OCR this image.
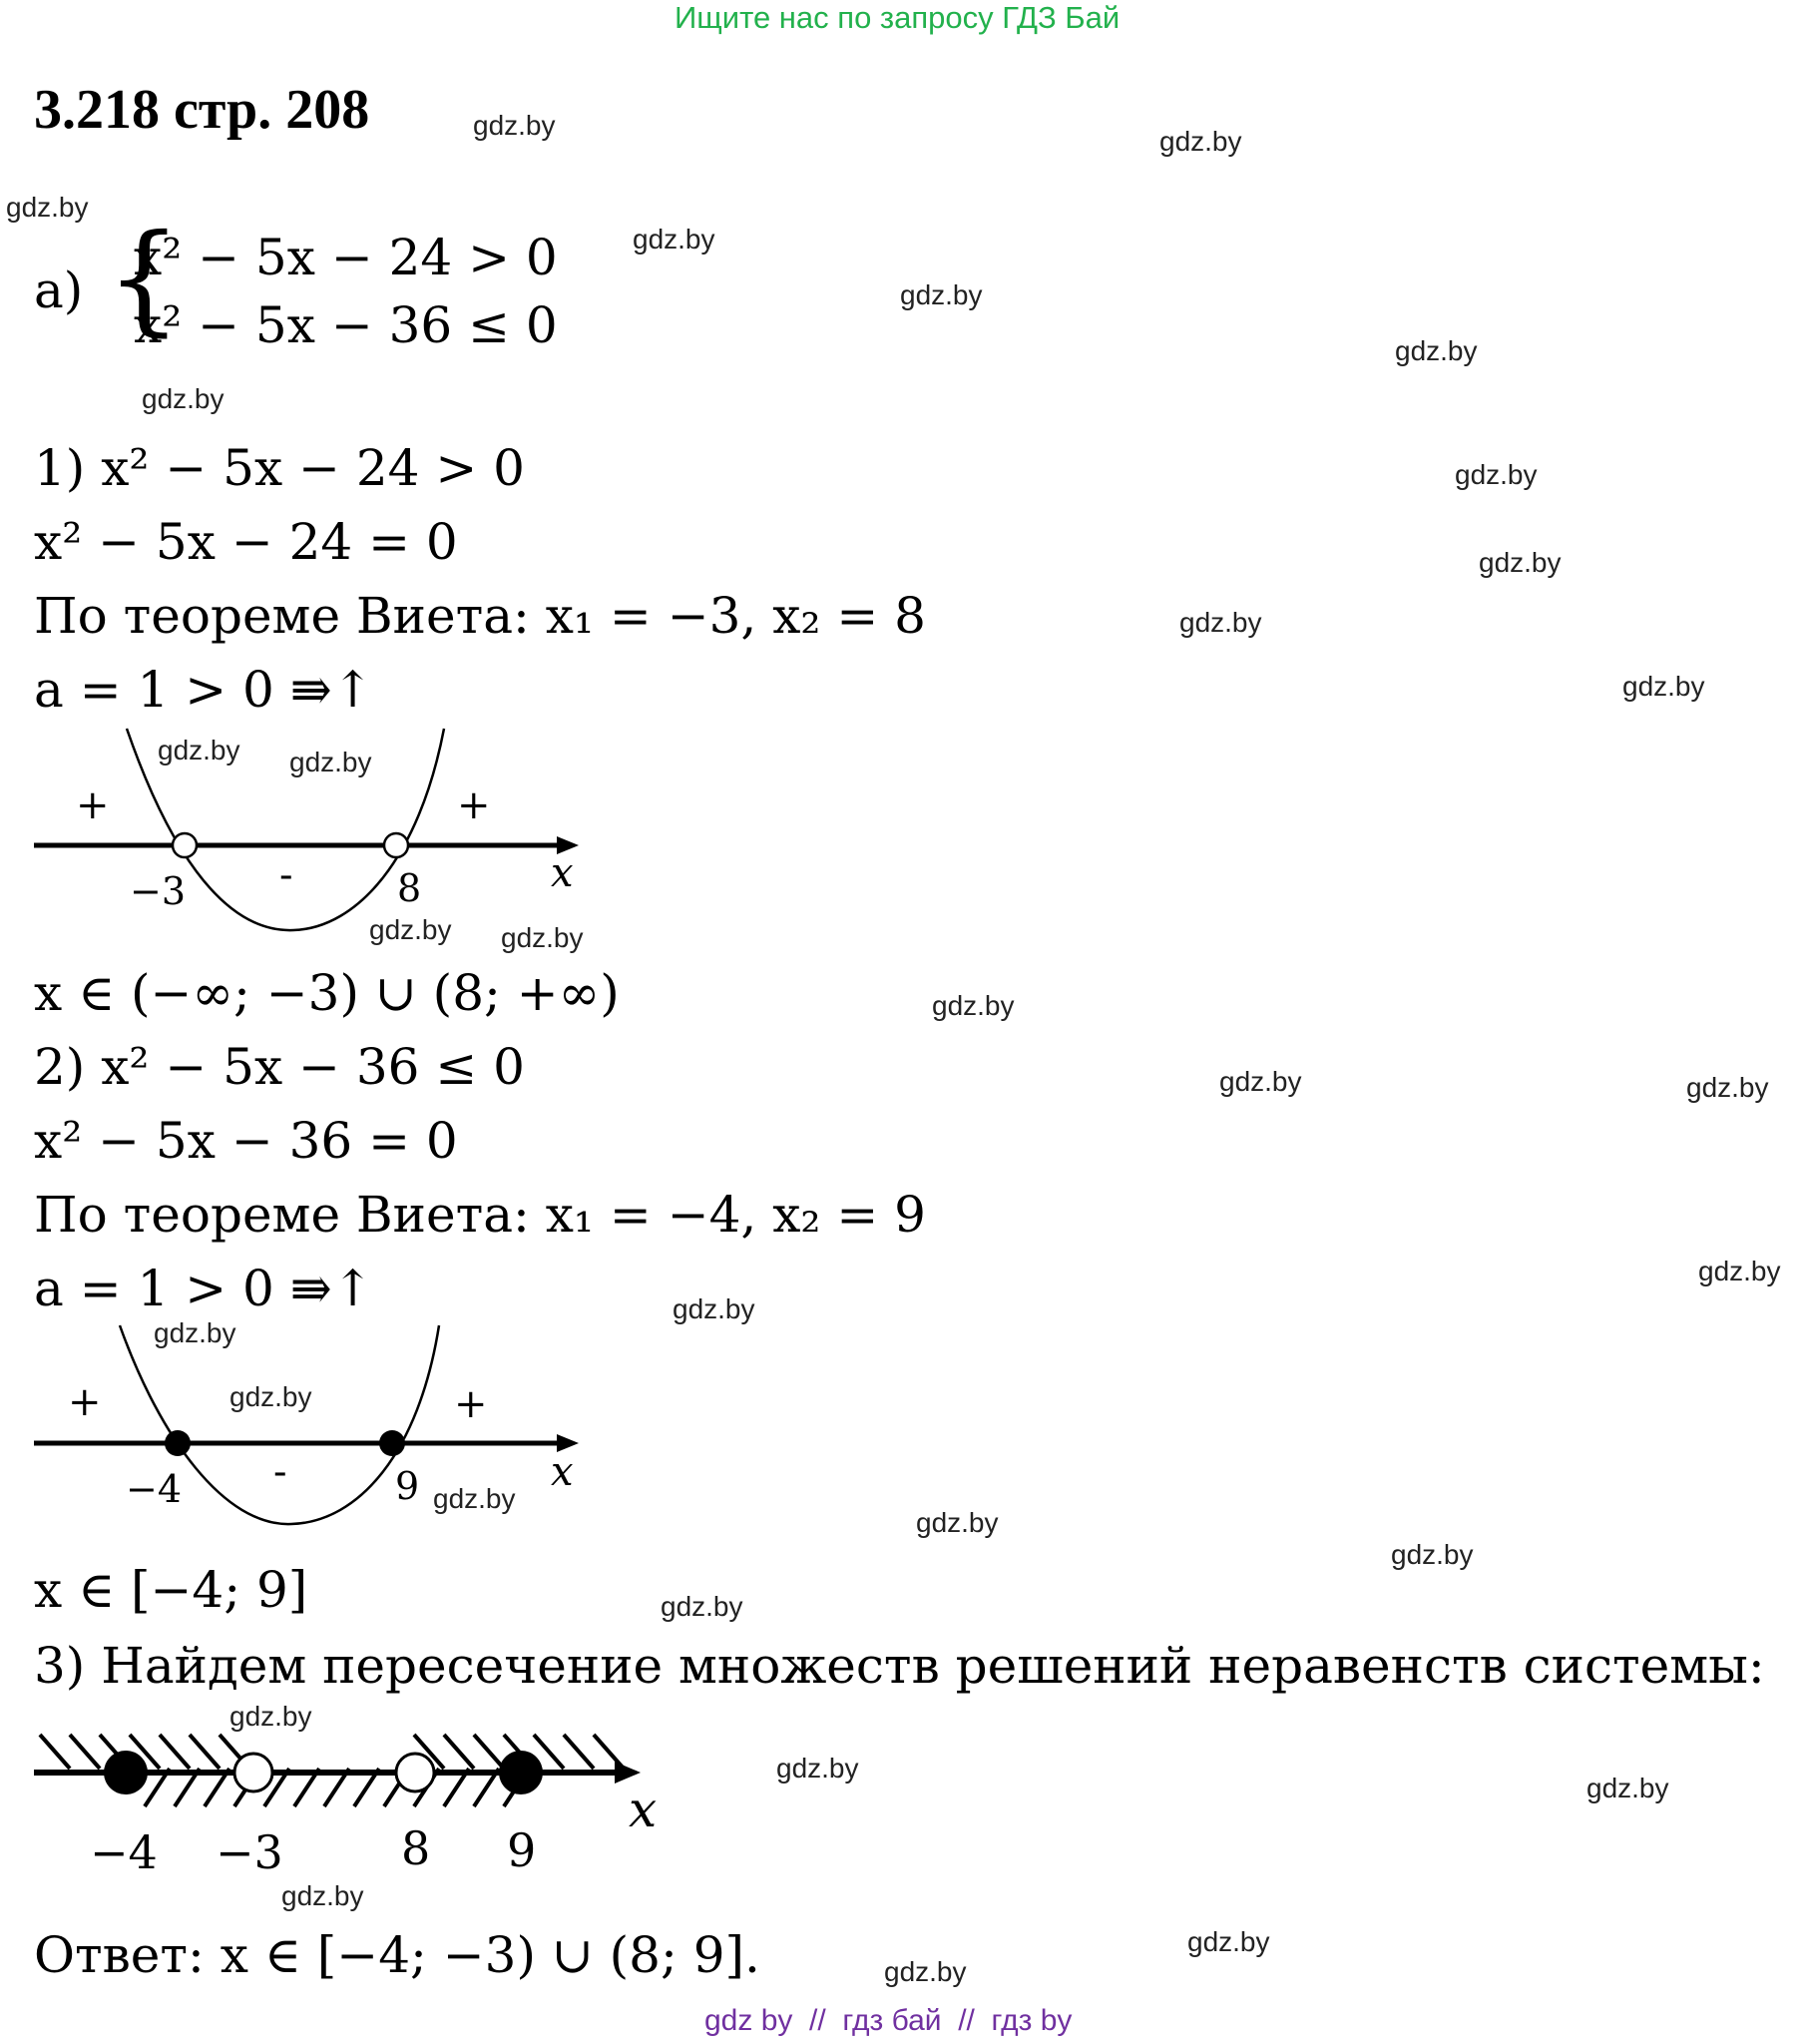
Ищите нас по запросу ГДЗ Бай
3.218 стр. 208
а) {
x² − 5x − 24 > 0
x² − 5x − 36 ≤ 0
1) x² − 5x − 24 > 0
x² − 5x − 24 = 0
По теореме Виета: x₁ = −3, x₂ = 8
a = 1 > 0 ⇛↑
+
-
+
−3	8	x
x ∈ (−∞; −3) ∪ (8; +∞)
2) x² − 5x − 36 ≤ 0
x² − 5x − 36 = 0
По теореме Виета: x₁ = −4, x₂ = 9
a = 1 > 0 ⇛↑
+
-
+
−4	9	x
x ∈ [−4; 9]
3) Найдем пересечение множеств решений неравенств системы:
−4 −3	8 9
x
Ответ: x ∈ [−4; −3) ∪ (8; 9].
gdz.by
gdz.by
gdz.by
gdz.by
gdz.by
gdz.by
gdz.by
gdz.by
gdz.by
gdz.by
gdz.by
gdz.by gdz.by
gdz.by gdz.by
gdz.by
gdz.by	gdz.by
gdz.by
gdz.by
gdz.by
gdz.by
gdz.by
gdz.by
gdz.by
gdz.by
gdz.by
gdz.by
gdz.by
gdz.by
gdz.by
gdz.by
gdz by  //  гдз бай  //  гдз by
